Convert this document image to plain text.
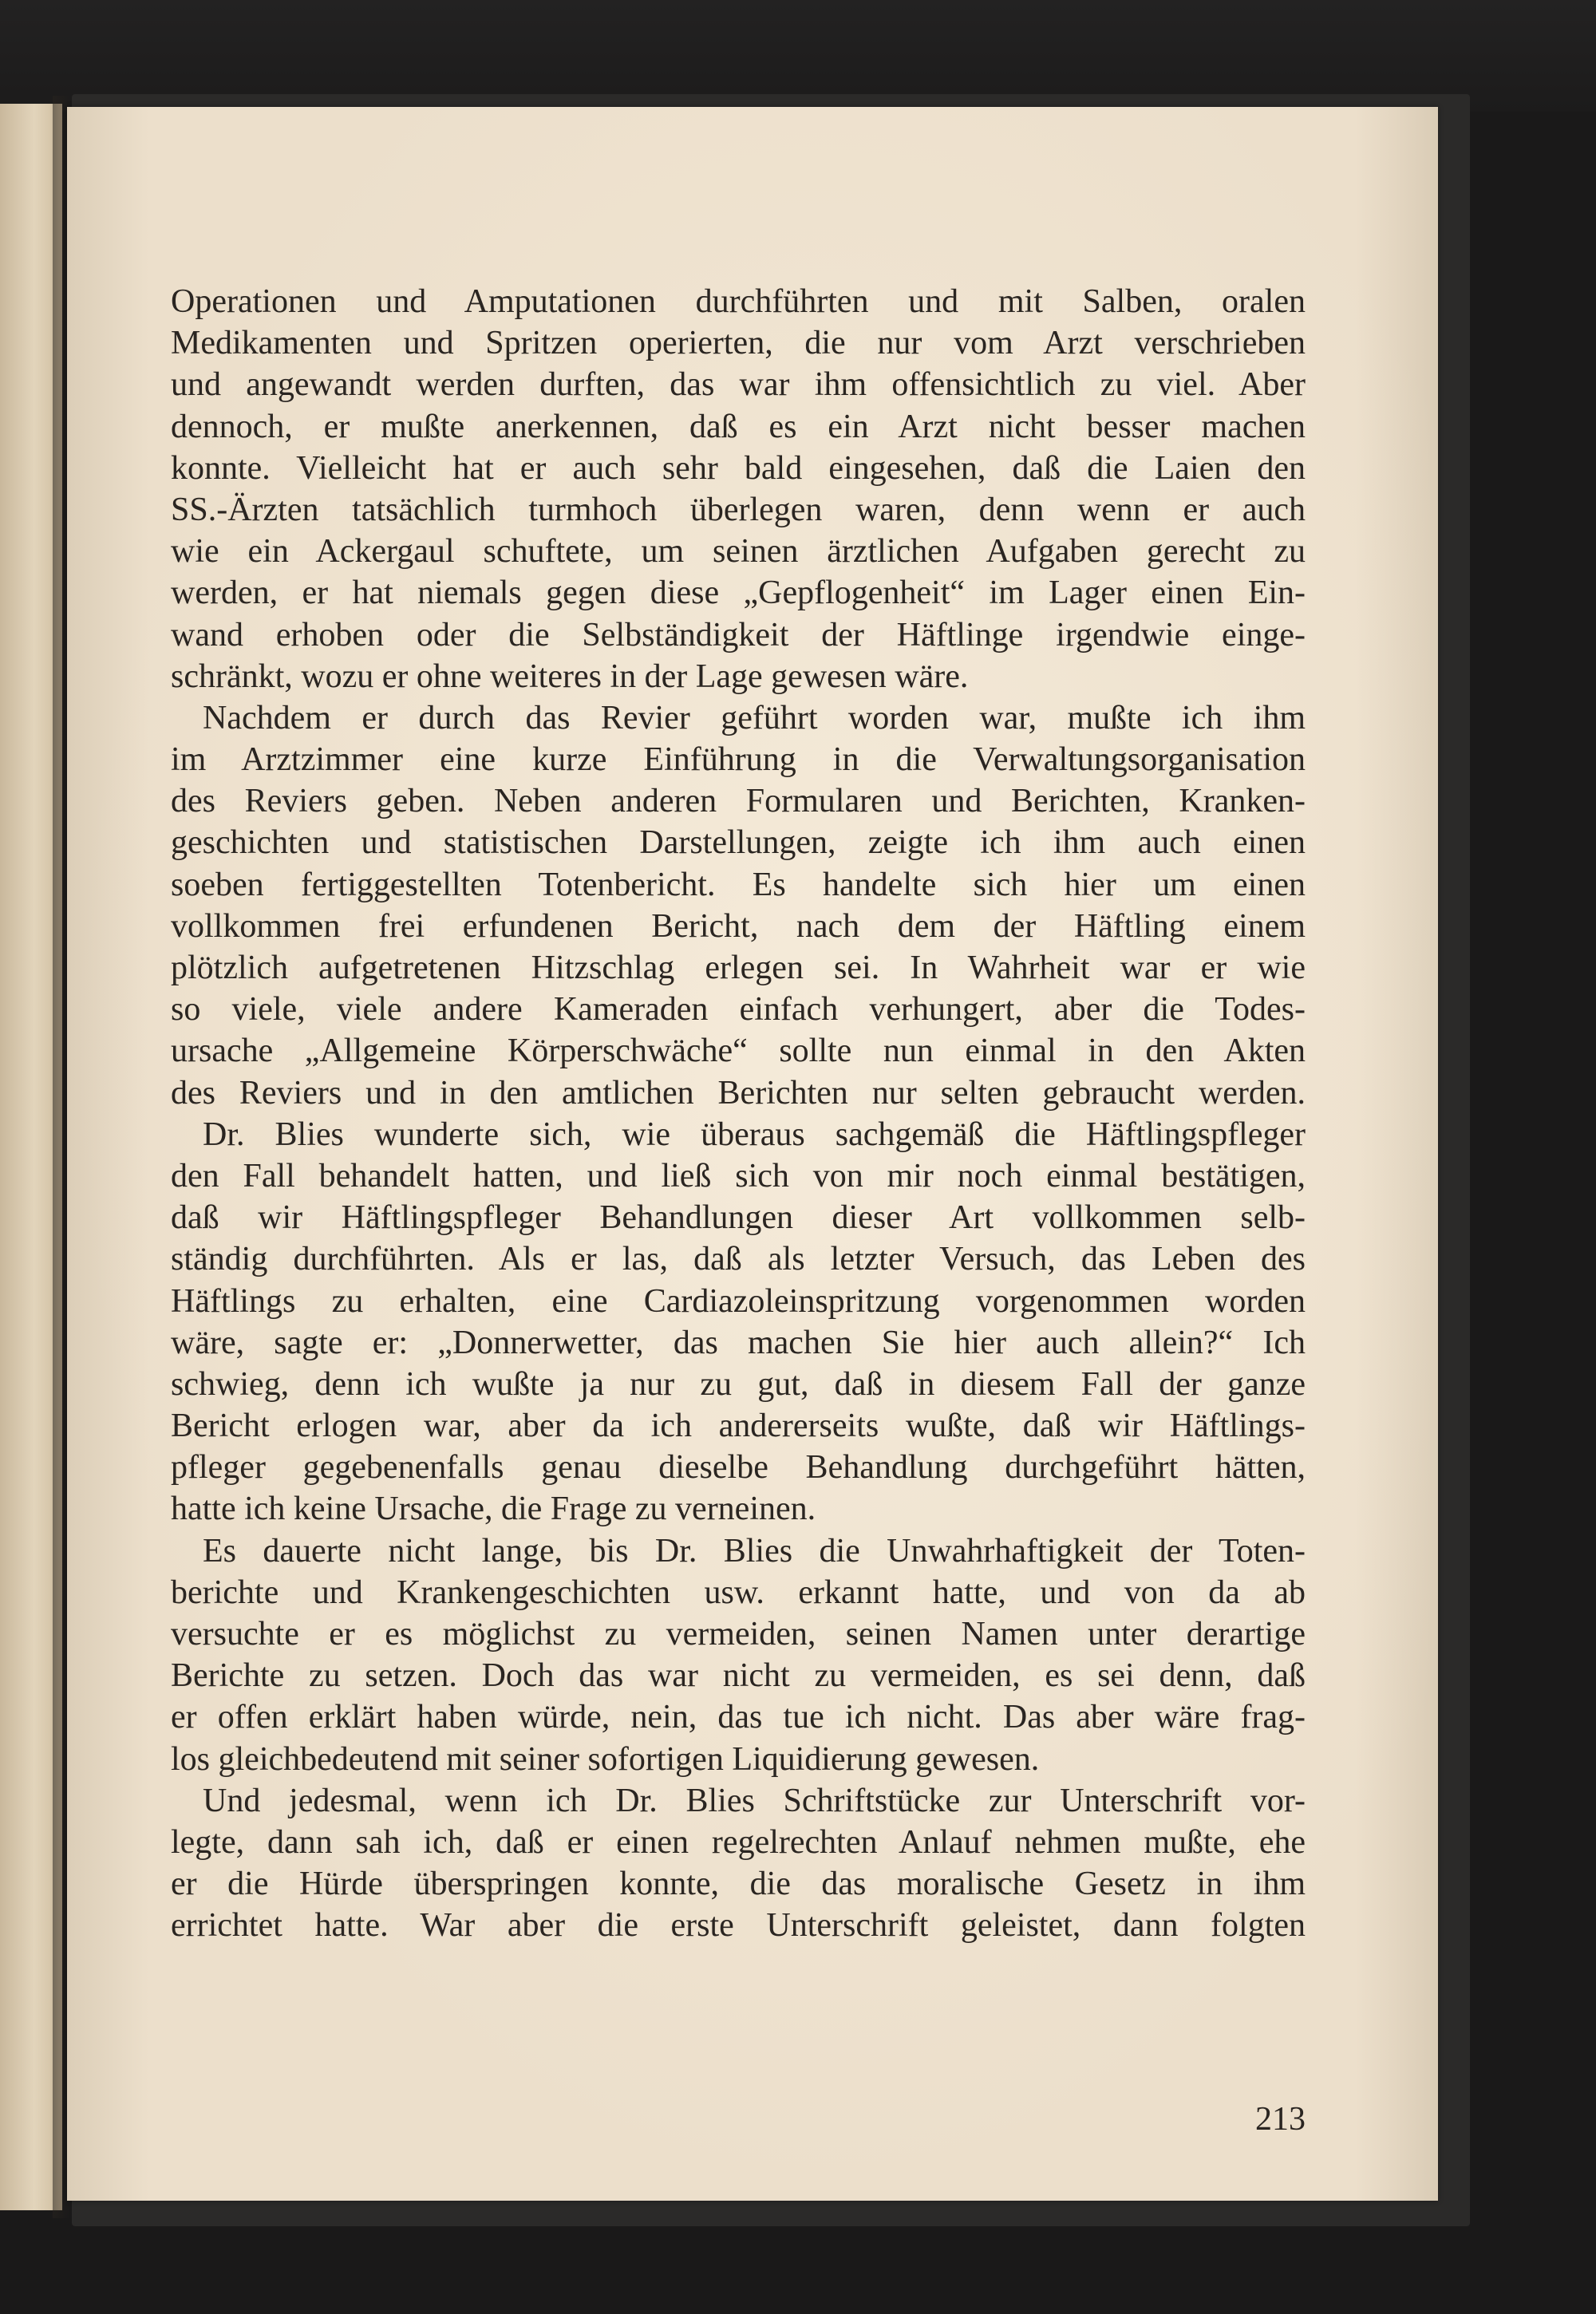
Operationen und Amputationen durchführten und mit Salben, oralen
Medikamenten und Spritzen operierten, die nur vom Arzt verschrieben
und angewandt werden durften, das war ihm offensichtlich zu viel. Aber
dennoch, er mußte anerkennen, daß es ein Arzt nicht besser machen
konnte. Vielleicht hat er auch sehr bald eingesehen, daß die Laien den
SS.-Ärzten tatsächlich turmhoch überlegen waren, denn wenn er auch
wie ein Ackergaul schuftete, um seinen ärztlichen Aufgaben gerecht zu
werden, er hat niemals gegen diese „Gepflogenheit“ im Lager einen Ein-
wand erhoben oder die Selbständigkeit der Häftlinge irgendwie einge-
schränkt, wozu er ohne weiteres in der Lage gewesen wäre.
Nachdem er durch das Revier geführt worden war, mußte ich ihm
im Arztzimmer eine kurze Einführung in die Verwaltungsorganisation
des Reviers geben. Neben anderen Formularen und Berichten, Kranken-
geschichten und statistischen Darstellungen, zeigte ich ihm auch einen
soeben fertiggestellten Totenbericht. Es handelte sich hier um einen
vollkommen frei erfundenen Bericht, nach dem der Häftling einem
plötzlich aufgetretenen Hitzschlag erlegen sei. In Wahrheit war er wie
so viele, viele andere Kameraden einfach verhungert, aber die Todes-
ursache „Allgemeine Körperschwäche“ sollte nun einmal in den Akten
des Reviers und in den amtlichen Berichten nur selten gebraucht werden.
Dr. Blies wunderte sich, wie überaus sachgemäß die Häftlingspfleger
den Fall behandelt hatten, und ließ sich von mir noch einmal bestätigen,
daß wir Häftlingspfleger Behandlungen dieser Art vollkommen selb-
ständig durchführten. Als er las, daß als letzter Versuch, das Leben des
Häftlings zu erhalten, eine Cardiazoleinspritzung vorgenommen worden
wäre, sagte er: „Donnerwetter, das machen Sie hier auch allein?“ Ich
schwieg, denn ich wußte ja nur zu gut, daß in diesem Fall der ganze
Bericht erlogen war, aber da ich andererseits wußte, daß wir Häftlings-
pfleger gegebenenfalls genau dieselbe Behandlung durchgeführt hätten,
hatte ich keine Ursache, die Frage zu verneinen.
Es dauerte nicht lange, bis Dr. Blies die Unwahrhaftigkeit der Toten-
berichte und Krankengeschichten usw. erkannt hatte, und von da ab
versuchte er es möglichst zu vermeiden, seinen Namen unter derartige
Berichte zu setzen. Doch das war nicht zu vermeiden, es sei denn, daß
er offen erklärt haben würde, nein, das tue ich nicht. Das aber wäre frag-
los gleichbedeutend mit seiner sofortigen Liquidierung gewesen.
Und jedesmal, wenn ich Dr. Blies Schriftstücke zur Unterschrift vor-
legte, dann sah ich, daß er einen regelrechten Anlauf nehmen mußte, ehe
er die Hürde überspringen konnte, die das moralische Gesetz in ihm
errichtet hatte. War aber die erste Unterschrift geleistet, dann folgten
213
